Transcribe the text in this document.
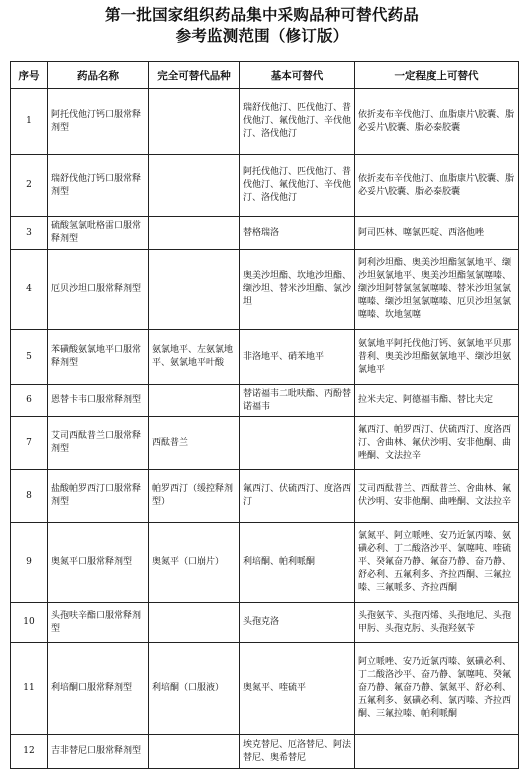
第一批国家组织药品集中采购品种可替代药品
参考监测范围（修订版）
序号	药品名称	完全可替代品种	基本可替代	一定程度上可替代
1	阿托伐他汀钙口服常释剂型		瑞舒伐他汀、匹伐他汀、普伐他汀、氟伐他汀、辛伐他汀、洛伐他汀	依折麦布辛伐他汀、血脂康片\胶囊、脂必妥片\胶囊、脂必泰胶囊
2	瑞舒伐他汀钙口服常释剂型		阿托伐他汀、匹伐他汀、普伐他汀、氟伐他汀、辛伐他汀、洛伐他汀	依折麦布辛伐他汀、血脂康片\胶囊、脂必妥片\胶囊、脂必泰胶囊
3	硫酸氢氯吡格雷口服常释剂型		替格瑞洛	阿司匹林、噻氯匹啶、西洛他唑
4	厄贝沙坦口服常释剂型		奥美沙坦酯、坎地沙坦酯、缬沙坦、替米沙坦酯、氯沙坦	阿利沙坦酯、奥美沙坦酯氢氯地平、缬沙坦氨氯地平、奥美沙坦酯氢氯噻嗪、缬沙坦阿替氯氢氯噻嗪、替米沙坦氢氯噻嗪、缬沙坦氢氯噻嗪、厄贝沙坦氢氯噻嗪、坎地氢噻
5	苯磺酸氨氯地平口服常释剂型	氨氯地平、左氨氯地平、氨氯地平叶酸	非洛地平、硝苯地平	氨氯地平阿托伐他汀钙、氨氯地平贝那普利、奥美沙坦酯氨氯地平、缬沙坦氨氯地平
6	恩替卡韦口服常释剂型		替诺福韦二吡呋酯、丙酚替诺福韦	拉米夫定、阿德福韦酯、替比夫定
7	艾司西酞普兰口服常释剂型	西酞普兰		氟西汀、帕罗西汀、伏硫西汀、度洛西汀、舍曲林、氟伏沙明、安非他酮、曲唑酮、文法拉辛
8	盐酸帕罗西汀口服常释剂型	帕罗西汀（缓控释剂型）	氟西汀、伏硫西汀、度洛西汀	艾司西酞普兰、西酞普兰、舍曲林、氟伏沙明、安非他酮、曲唑酮、文法拉辛
9	奥氮平口服常释剂型	奥氮平（口崩片）	利培酮、帕利哌酮	氯氮平、阿立哌唑、安乃近氯丙嗪、氨磺必利、丁二酸洛沙平、氯噻吨、喹硫平、癸氟奋乃静、氟奋乃静、奋乃静、舒必利、五氟利多、齐拉西酮、三氟拉嗪、三氟哌多、齐拉西酮
10	头孢呋辛酯口服常释剂型		头孢克洛	头孢氨苄、头孢丙烯、头孢地尼、头孢甲肟、头孢克肟、头孢羟氨苄
11	利培酮口服常释剂型	利培酮（口服液）	奥氮平、喹硫平	阿立哌唑、安乃近氯丙嗪、氨磺必利、丁二酸洛沙平、奋乃静、氯噻吨、癸氟奋乃静、氟奋乃静、氯氮平、舒必利、五氟利多、氨磺必利、氯丙嗪、齐拉西酮、三氟拉嗪、帕利哌酮
12	吉非替尼口服常释剂型		埃克替尼、厄洛替尼、阿法替尼、奥希替尼	
